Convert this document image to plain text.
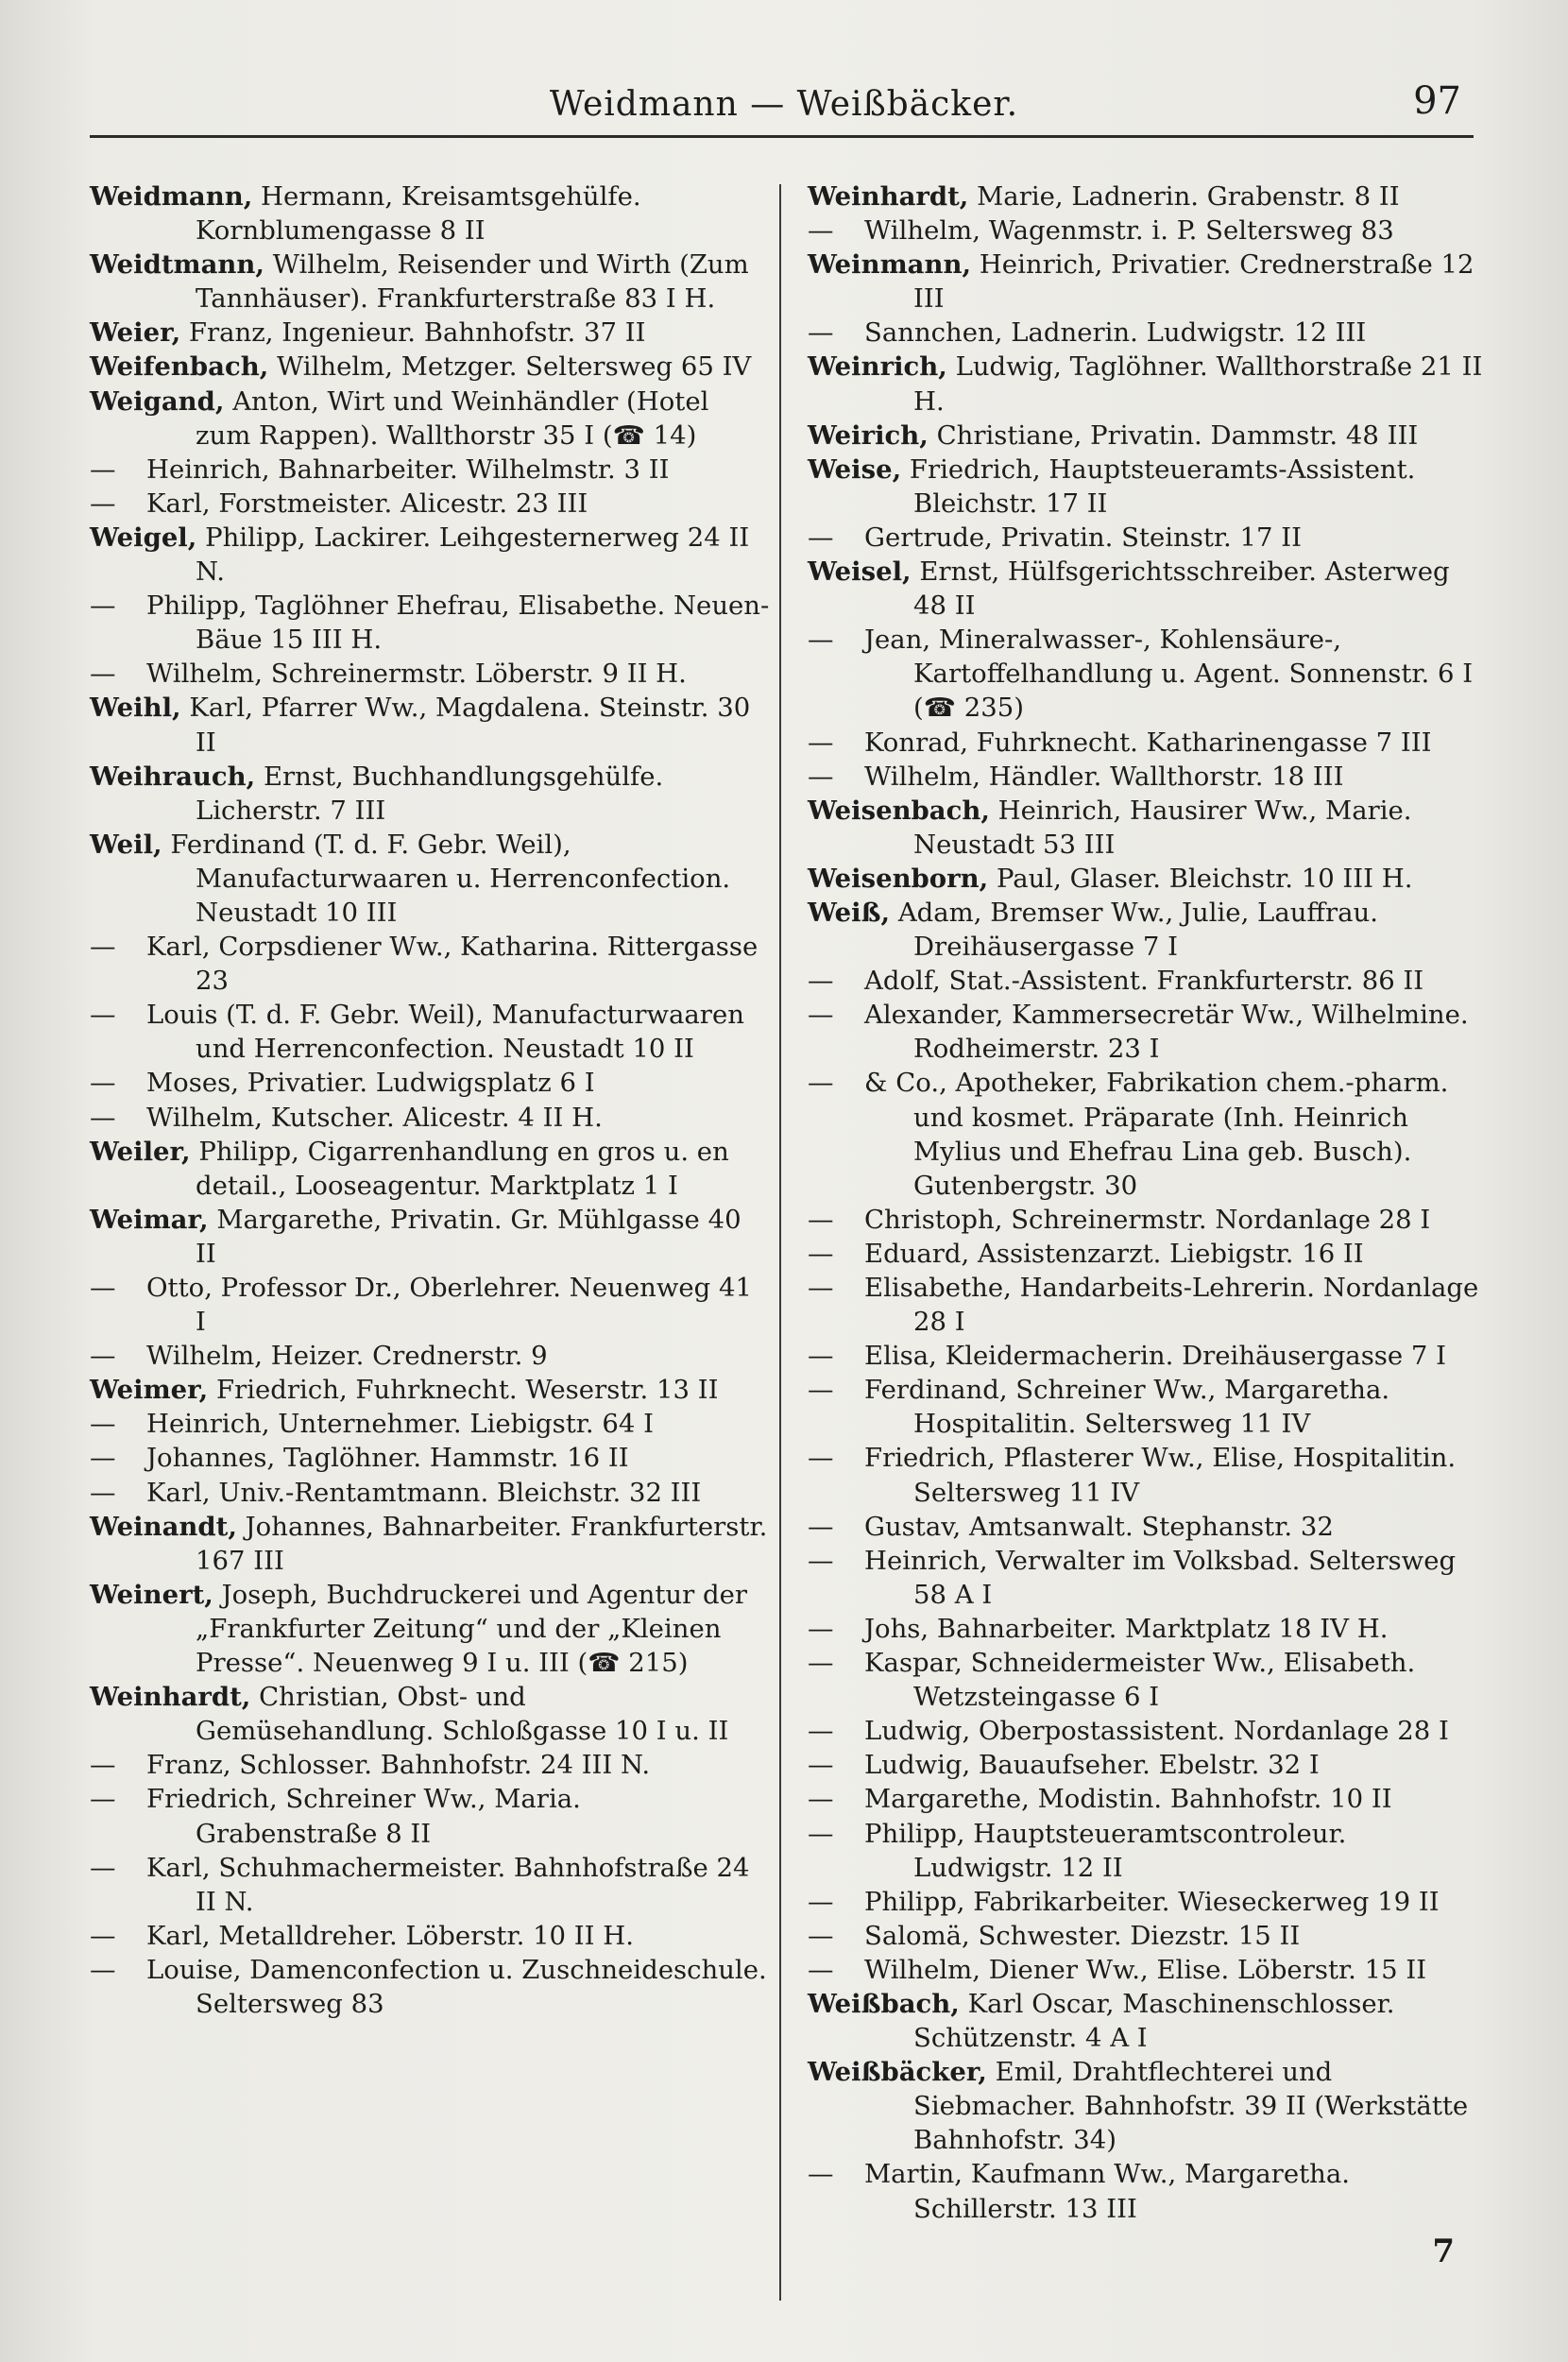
Weidmann — Weißbäcker.	97
Weidmann, Hermann, Kreisamtsgehülfe. Kornblumengasse 8 II
Weidtmann, Wilhelm, Reisender und Wirth (Zum Tannhäuser). Frankfurterstraße 83 I H.
Weier, Franz, Ingenieur. Bahnhofstr. 37 II
Weifenbach, Wilhelm, Metzger. Seltersweg 65 IV
Weigand, Anton, Wirt und Weinhändler (Hotel zum Rappen). Wallthorstr 35 I (☎ 14)
— Heinrich, Bahnarbeiter. Wilhelmstr. 3 II
— Karl, Forstmeister. Alicestr. 23 III
Weigel, Philipp, Lackirer. Leihgesternerweg 24 II N.
— Philipp, Taglöhner Ehefrau, Elisabethe. Neuen-Bäue 15 III H.
— Wilhelm, Schreinermstr. Löberstr. 9 II H.
Weihl, Karl, Pfarrer Ww., Magdalena. Steinstr. 30 II
Weihrauch, Ernst, Buchhandlungsgehülfe. Licherstr. 7 III
Weil, Ferdinand (T. d. F. Gebr. Weil), Manufacturwaaren u. Herrenconfection. Neustadt 10 III
— Karl, Corpsdiener Ww., Katharina. Rittergasse 23
— Louis (T. d. F. Gebr. Weil), Manufacturwaaren und Herrenconfection. Neustadt 10 II
— Moses, Privatier. Ludwigsplatz 6 I
— Wilhelm, Kutscher. Alicestr. 4 II H.
Weiler, Philipp, Cigarrenhandlung en gros u. en detail., Looseagentur. Marktplatz 1 I
Weimar, Margarethe, Privatin. Gr. Mühlgasse 40 II
— Otto, Professor Dr., Oberlehrer. Neuenweg 41 I
— Wilhelm, Heizer. Crednerstr. 9
Weimer, Friedrich, Fuhrknecht. Weserstr. 13 II
— Heinrich, Unternehmer. Liebigstr. 64 I
— Johannes, Taglöhner. Hammstr. 16 II
— Karl, Univ.-Rentamtmann. Bleichstr. 32 III
Weinandt, Johannes, Bahnarbeiter. Frankfurterstr. 167 III
Weinert, Joseph, Buchdruckerei und Agentur der „Frankfurter Zeitung“ und der „Kleinen Presse“. Neuenweg 9 I u. III (☎ 215)
Weinhardt, Christian, Obst- und Gemüsehandlung. Schloßgasse 10 I u. II
— Franz, Schlosser. Bahnhofstr. 24 III N.
— Friedrich, Schreiner Ww., Maria. Grabenstraße 8 II
— Karl, Schuhmachermeister. Bahnhofstraße 24 II N.
— Karl, Metalldreher. Löberstr. 10 II H.
— Louise, Damenconfection u. Zuschneideschule. Seltersweg 83
Weinhardt, Marie, Ladnerin. Grabenstr. 8 II
— Wilhelm, Wagenmstr. i. P. Seltersweg 83
Weinmann, Heinrich, Privatier. Crednerstraße 12 III
— Sannchen, Ladnerin. Ludwigstr. 12 III
Weinrich, Ludwig, Taglöhner. Wallthorstraße 21 II H.
Weirich, Christiane, Privatin. Dammstr. 48 III
Weise, Friedrich, Hauptsteueramts-Assistent. Bleichstr. 17 II
— Gertrude, Privatin. Steinstr. 17 II
Weisel, Ernst, Hülfsgerichtsschreiber. Asterweg 48 II
— Jean, Mineralwasser-, Kohlensäure-, Kartoffelhandlung u. Agent. Sonnenstr. 6 I (☎ 235)
— Konrad, Fuhrknecht. Katharinengasse 7 III
— Wilhelm, Händler. Wallthorstr. 18 III
Weisenbach, Heinrich, Hausirer Ww., Marie. Neustadt 53 III
Weisenborn, Paul, Glaser. Bleichstr. 10 III H.
Weiß, Adam, Bremser Ww., Julie, Lauffrau. Dreihäusergasse 7 I
— Adolf, Stat.-Assistent. Frankfurterstr. 86 II
— Alexander, Kammersecretär Ww., Wilhelmine. Rodheimerstr. 23 I
— & Co., Apotheker, Fabrikation chem.-pharm. und kosmet. Präparate (Inh. Heinrich Mylius und Ehefrau Lina geb. Busch). Gutenbergstr. 30
— Christoph, Schreinermstr. Nordanlage 28 I
— Eduard, Assistenzarzt. Liebigstr. 16 II
— Elisabethe, Handarbeits-Lehrerin. Nordanlage 28 I
— Elisa, Kleidermacherin. Dreihäusergasse 7 I
— Ferdinand, Schreiner Ww., Margaretha. Hospitalitin. Seltersweg 11 IV
— Friedrich, Pflasterer Ww., Elise, Hospitalitin. Seltersweg 11 IV
— Gustav, Amtsanwalt. Stephanstr. 32
— Heinrich, Verwalter im Volksbad. Seltersweg 58 A I
— Johs, Bahnarbeiter. Marktplatz 18 IV H.
— Kaspar, Schneidermeister Ww., Elisabeth. Wetzsteingasse 6 I
— Ludwig, Oberpostassistent. Nordanlage 28 I
— Ludwig, Bauaufseher. Ebelstr. 32 I
— Margarethe, Modistin. Bahnhofstr. 10 II
— Philipp, Hauptsteueramtscontroleur. Ludwigstr. 12 II
— Philipp, Fabrikarbeiter. Wieseckerweg 19 II
— Salomä, Schwester. Diezstr. 15 II
— Wilhelm, Diener Ww., Elise. Löberstr. 15 II
Weißbach, Karl Oscar, Maschinenschlosser. Schützenstr. 4 A I
Weißbäcker, Emil, Drahtflechterei und Siebmacher. Bahnhofstr. 39 II (Werkstätte Bahnhofstr. 34)
— Martin, Kaufmann Ww., Margaretha. Schillerstr. 13 III
7
